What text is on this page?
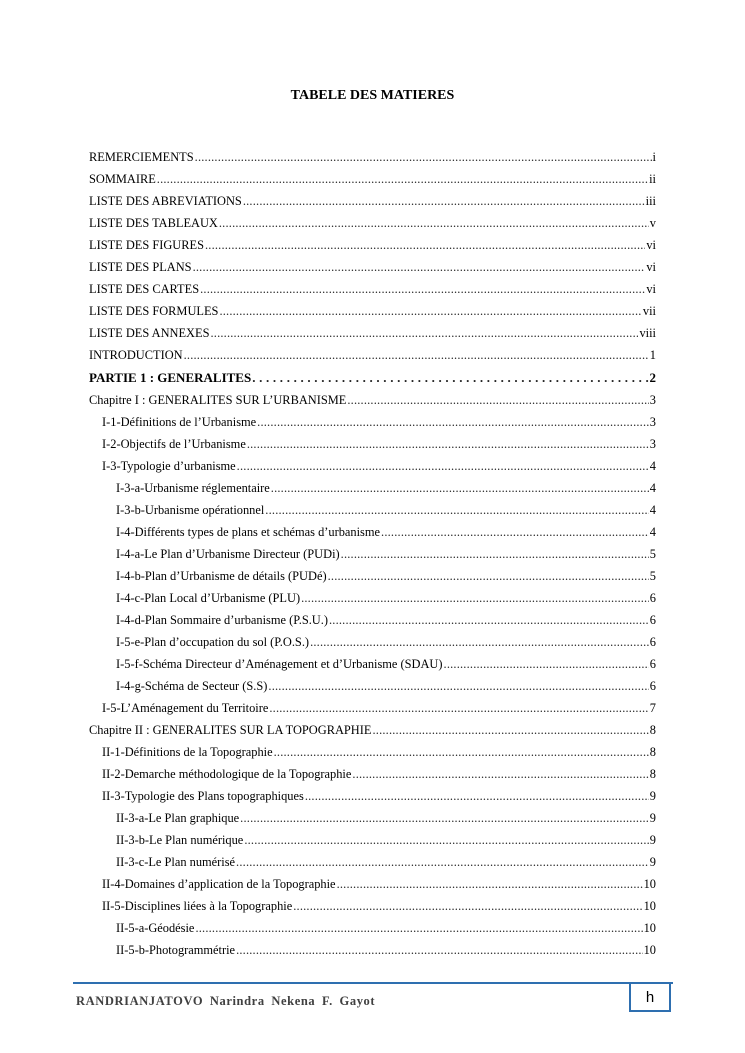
TABELE DES MATIERES
REMERCIEMENTS .....	i
SOMMAIRE .....	ii
LISTE DES ABREVIATIONS .....	iii
LISTE DES TABLEAUX .....	v
LISTE DES FIGURES .....	vi
LISTE DES PLANS .....	vi
LISTE DES CARTES .....	vi
LISTE DES FORMULES .....	vii
LISTE DES ANNEXES .....	viii
INTRODUCTION .....	1
PARTIE 1 : GENERALITES . . .	2
Chapitre I : GENERALITES SUR L’URBANISME .....	3
I-1-Définitions de l’Urbanisme .....	3
I-2-Objectifs de l’Urbanisme .....	3
I-3-Typologie d’urbanisme .....	4
I-3-a-Urbanisme réglementaire .....	4
I-3-b-Urbanisme opérationnel .....	4
I-4-Différents types de plans et schémas d’urbanisme .....	4
I-4-a-Le Plan d’Urbanisme Directeur (PUDi) .....	5
I-4-b-Plan d’Urbanisme de détails (PUDé) .....	5
I-4-c-Plan Local d’Urbanisme (PLU) .....	6
I-4-d-Plan Sommaire d’urbanisme (P.S.U.) .....	6
I-5-e-Plan d’occupation du sol (P.O.S.) .....	6
I-5-f-Schéma Directeur d’Aménagement et d’Urbanisme (SDAU) .....	6
I-4-g-Schéma de Secteur (S.S) .....	6
I-5-L’Aménagement du Territoire .....	7
Chapitre II : GENERALITES SUR LA TOPOGRAPHIE .....	8
II-1-Définitions de la Topographie .....	8
II-2-Demarche méthodologique de la Topographie .....	8
II-3-Typologie des Plans topographiques .....	9
II-3-a-Le Plan graphique .....	9
II-3-b-Le Plan numérique .....	9
II-3-c-Le Plan numérisé .....	9
II-4-Domaines d’application de la Topographie .....	10
II-5-Disciplines liées à la Topographie .....	10
II-5-a-Géodésie .....	10
II-5-b-Photogrammétrie .....	10
RANDRIANJATOVO Narindra Nekena F. Gayot	h
